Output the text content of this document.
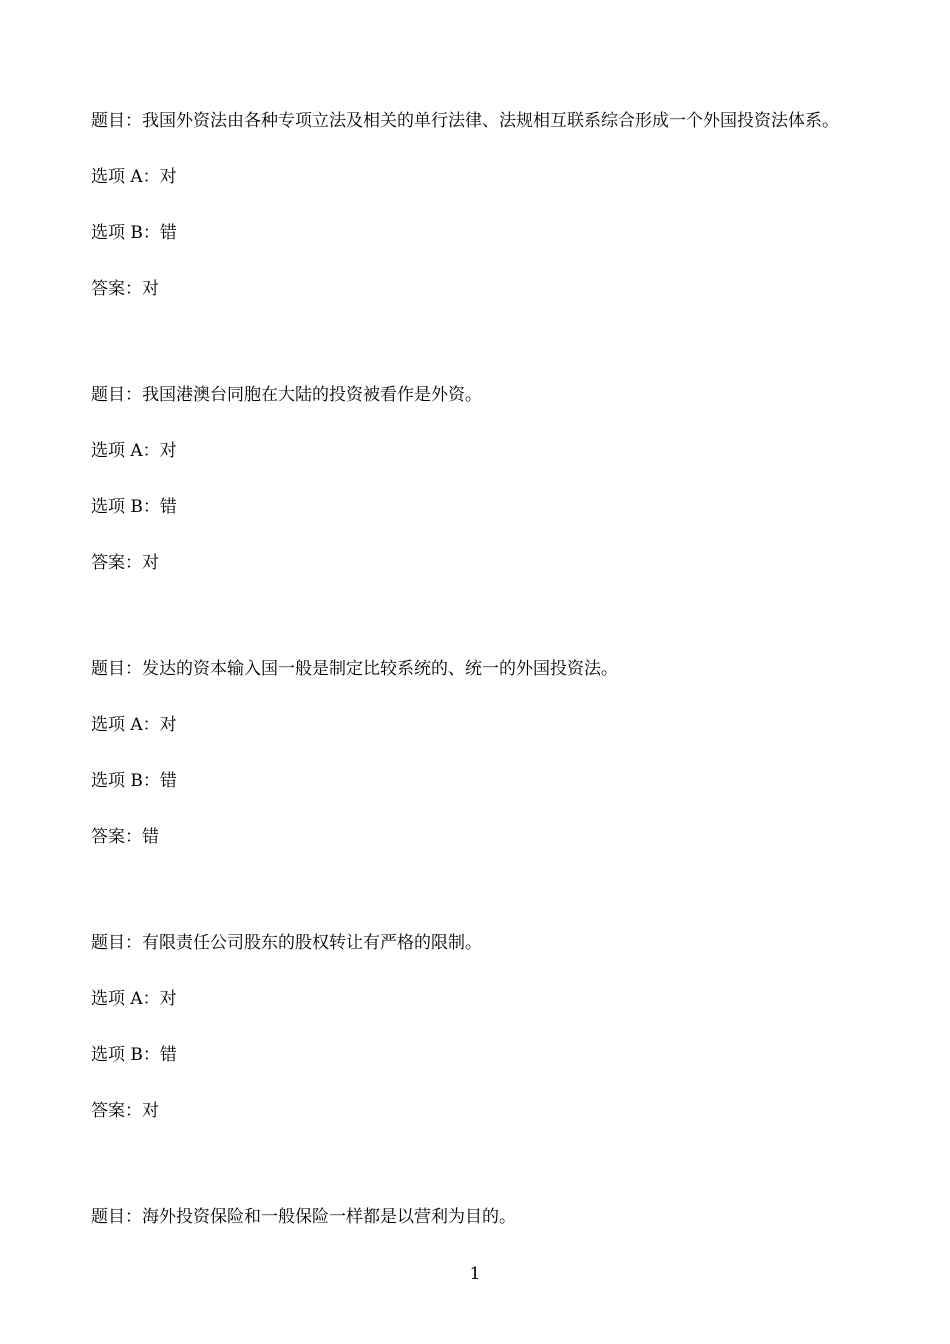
题目：我国外资法由各种专项立法及相关的单行法律、法规相互联系综合形成一个外国投资法体系。
选项 A：对
选项 B：错
答案：对
题目：我国港澳台同胞在大陆的投资被看作是外资。
选项 A：对
选项 B：错
答案：对
题目：发达的资本输入国一般是制定比较系统的、统一的外国投资法。
选项 A：对
选项 B：错
答案：错
题目：有限责任公司股东的股权转让有严格的限制。
选项 A：对
选项 B：错
答案：对
题目：海外投资保险和一般保险一样都是以营利为目的。
1
